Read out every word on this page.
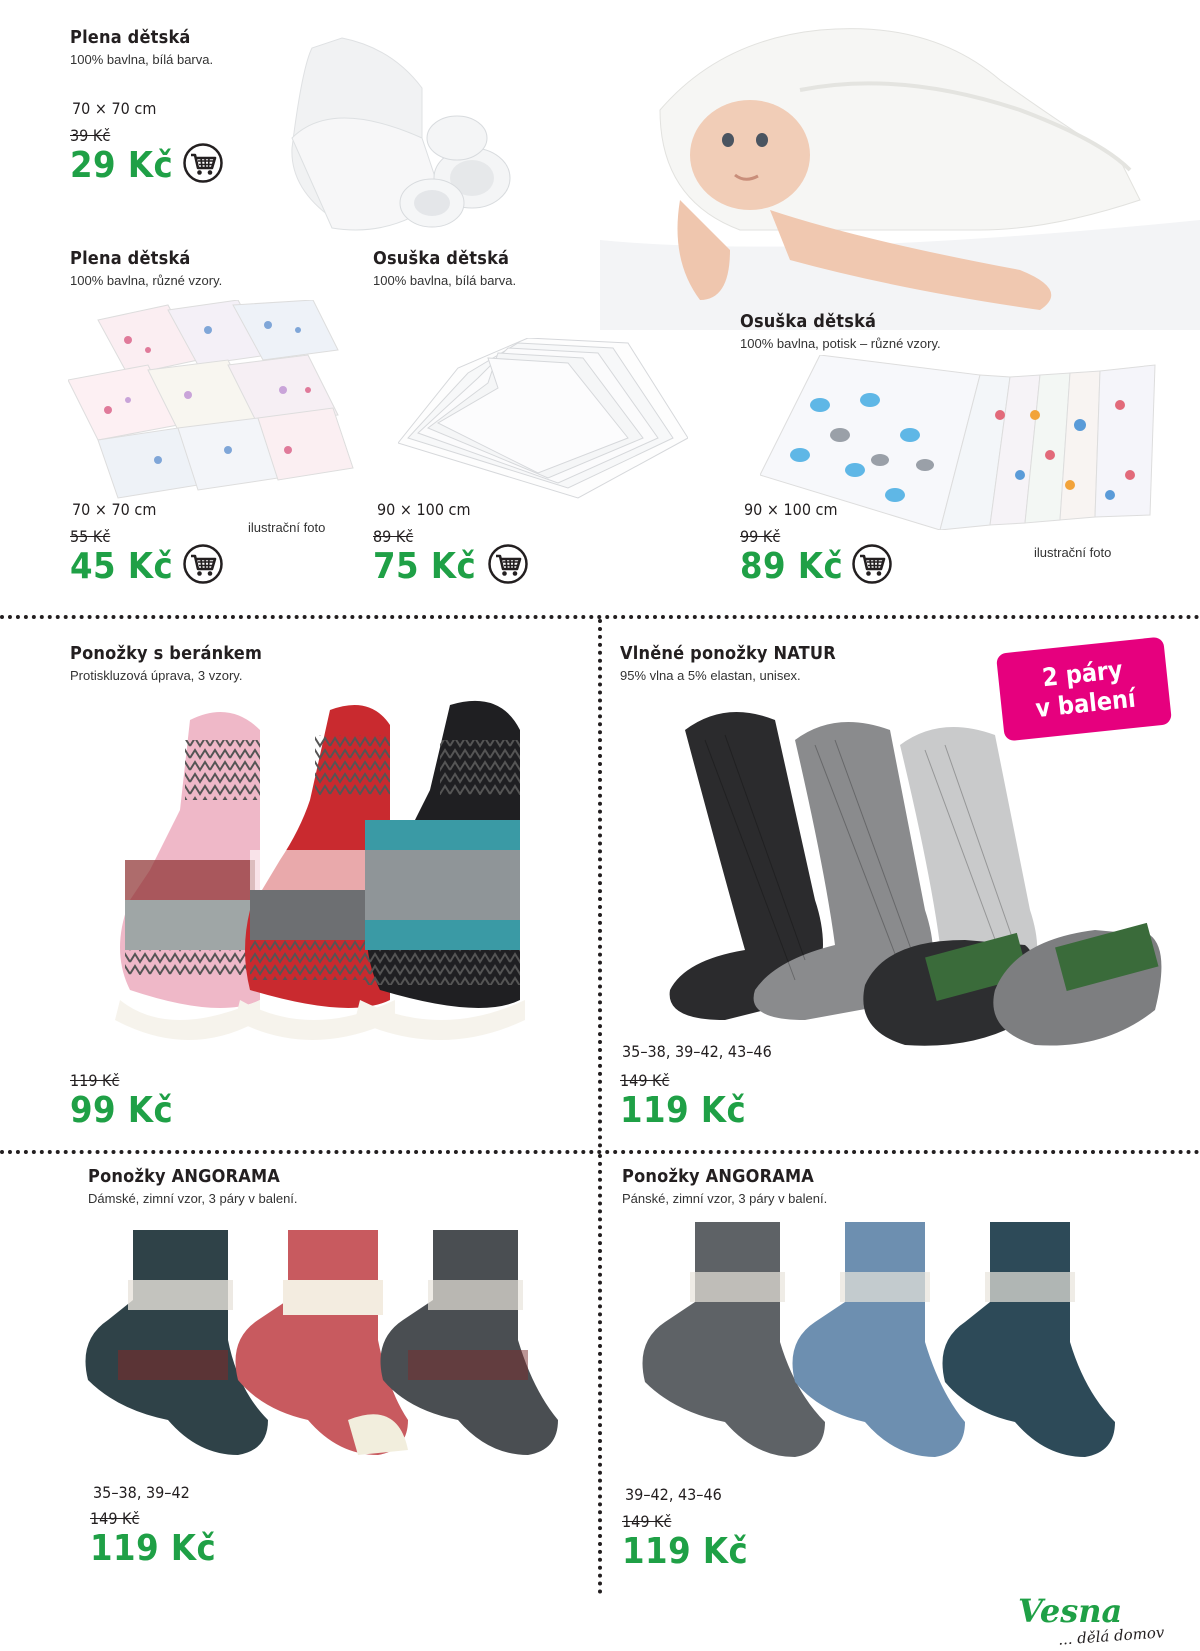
Plena dětská
100% bavlna, bílá barva.
70 × 70 cm
39 Kč
29 Kč
Plena dětská
100% bavlna, různé vzory.
70 × 70 cm
ilustrační foto
55 Kč
45 Kč
Osuška dětská
100% bavlna, bílá barva.
90 × 100 cm
89 Kč
75 Kč
Osuška dětská
100% bavlna, potisk – různé vzory.
90 × 100 cm
99 Kč
89 Kč	ilustrační foto
Ponožky s beránkem
Protiskluzová úprava, 3 vzory.
119 Kč
99 Kč
Vlněné ponožky NATUR
95% vlna a 5% elastan, unisex.	2 páry
v balení
35–38, 39–42, 43–46
149 Kč
119 Kč
Ponožky ANGORAMA
Dámské, zimní vzor, 3 páry v balení.
35–38, 39–42
149 Kč
119 Kč
Ponožky ANGORAMA
Pánské, zimní vzor, 3 páry v balení.
39–42, 43–46
149 Kč
119 Kč
Vesna
... dělá domov
